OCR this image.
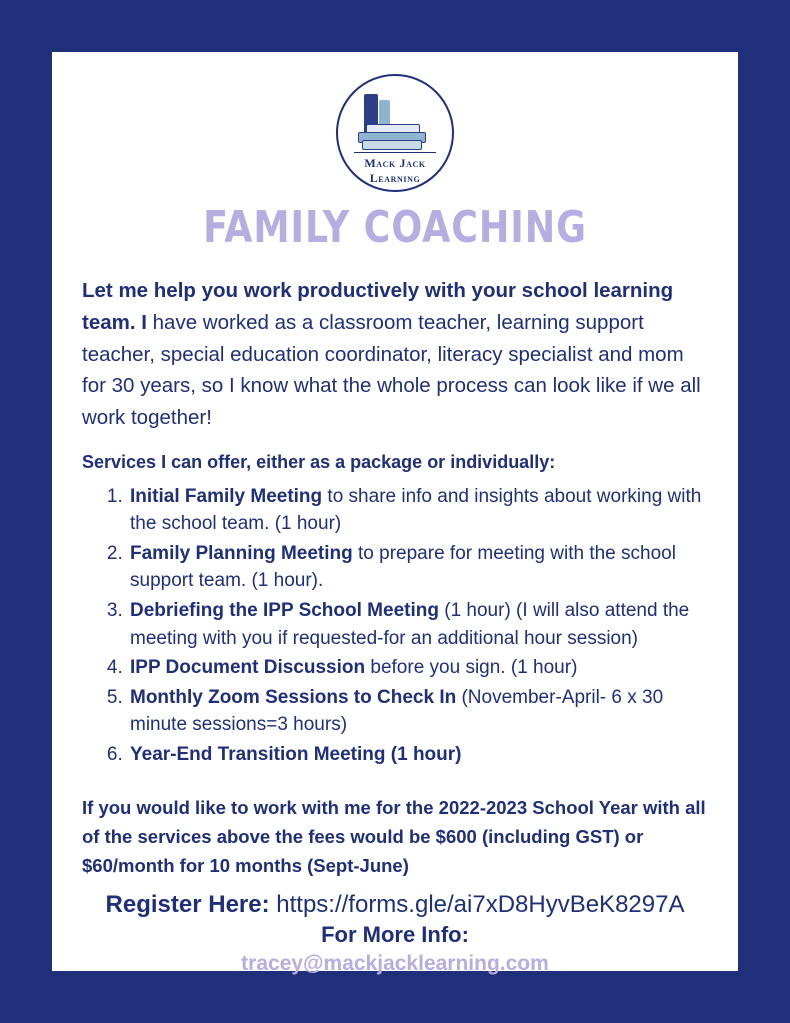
Mack Jack Learning
FAMILY COACHING

Let me help you work productively with your school learning team. I have worked as a classroom teacher, learning support teacher, special education coordinator, literacy specialist and mom for 30 years, so I know what the whole process can look like if we all work together!

Services I can offer, either as a package or individually:

1. Initial Family Meeting to share info and insights about working with the school team. (1 hour)
2. Family Planning Meeting to prepare for meeting with the school support team. (1 hour).
3. Debriefing the IPP School Meeting (1 hour) (I will also attend the meeting with you if requested-for an additional hour session)
4. IPP Document Discussion before you sign. (1 hour)
5. Monthly Zoom Sessions to Check In (November-April- 6 x 30 minute sessions=3 hours)
6. Year-End Transition Meeting (1 hour)

If you would like to work with me for the 2022-2023 School Year with all of the services above the fees would be $600 (including GST) or $60/month for 10 months (Sept-June)

Register Here: https://forms.gle/ai7xD8HyvBeK8297A

For More Info:

tracey@mackjacklearning.com
